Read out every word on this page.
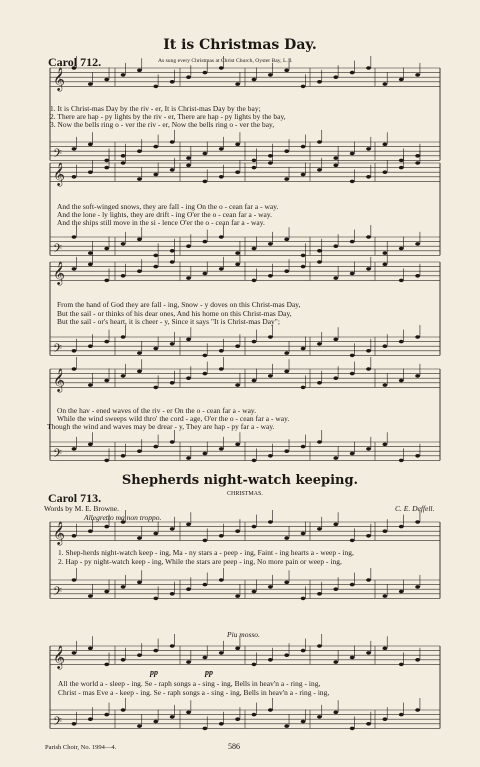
𝄞
𝄢
𝄞
𝄢
𝄞
𝄢
𝄞
𝄢
𝄞
𝄢
𝄞
𝄢
It is Christmas Day.
Carol 712.	As sung every Christmas at Christ Church, Oyster Bay, L. I.
1. It is Christ-mas Day by the riv - er, It is Christ-mas Day by the bay;
2. There are hap - py lights by the riv - er, There are hap - py lights by the bay,
3. Now the bells ring o - ver the riv - er, Now the bells ring o - ver the bay,
And the soft-winged snows, they are fall - ing On the o - cean far a - way.
And the lone - ly lights, they are drift - ing O'er the o - cean far a - way.
And the ships still move in the si - lence O'er the o - cean far a - way.
From the hand of God they are fall - ing, Snow - y doves on this Christ-mas Day,
But the sail - or thinks of his dear ones, And his home on this Christ-mas Day,
But the sail - or's heart, it is cheer - y, Since it says "It is Christ-mas Day";
On the hav - ened waves of the riv - er On the o - cean far a - way.
While the wind sweeps wild thro' the cord - age, O'er the o - cean far a - way.
Though the wind and waves may be drear - y, They are hap - py far a - way.
Shepherds night-watch keeping.
Carol 713.	CHRISTMAS.
Words by M. E. Browne.	C. E. Deffell.
Allegretto ma non troppo.
1. Shep-herds night-watch keep - ing, Ma - ny stars a - peep - ing, Faint - ing hearts a - weep - ing,
2. Hap - py night-watch keep - ing, While the stars are peep - ing, No more pain or weep - ing,
Piu mosso.
pp	pp
All the world a - sleep - ing. Se - raph songs a - sing - ing, Bells in heav'n a - ring - ing,
Christ - mas Eve a - keep - ing. Se - raph songs a - sing - ing, Bells in heav'n a - ring - ing,
Parish Choir, No. 1994—4.	586
